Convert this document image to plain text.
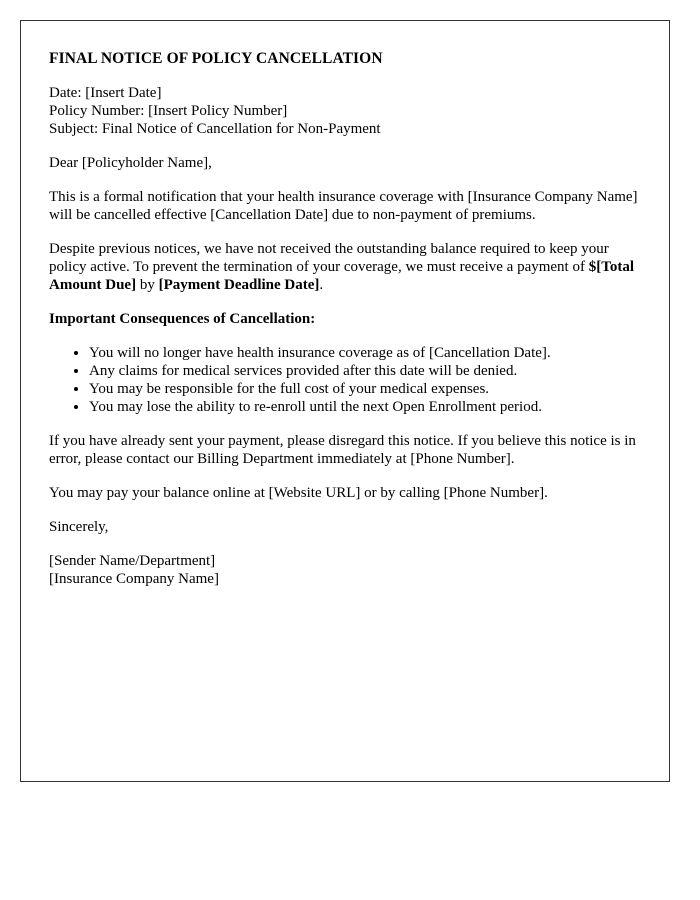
FINAL NOTICE OF POLICY CANCELLATION
Date: [Insert Date]
Policy Number: [Insert Policy Number]
Subject: Final Notice of Cancellation for Non-Payment

Dear [Policyholder Name],

This is a formal notification that your health insurance coverage with [Insurance Company Name] will be cancelled effective [Cancellation Date] due to non-payment of premiums.

Despite previous notices, we have not received the outstanding balance required to keep your policy active. To prevent the termination of your coverage, we must receive a payment of $[Total Amount Due] by [Payment Deadline Date].

Important Consequences of Cancellation:
• You will no longer have health insurance coverage as of [Cancellation Date].
• Any claims for medical services provided after this date will be denied.
• You may be responsible for the full cost of your medical expenses.
• You may lose the ability to re-enroll until the next Open Enrollment period.

If you have already sent your payment, please disregard this notice. If you believe this notice is in error, please contact our Billing Department immediately at [Phone Number].

You may pay your balance online at [Website URL] or by calling [Phone Number].

Sincerely,

[Sender Name/Department]
[Insurance Company Name]
